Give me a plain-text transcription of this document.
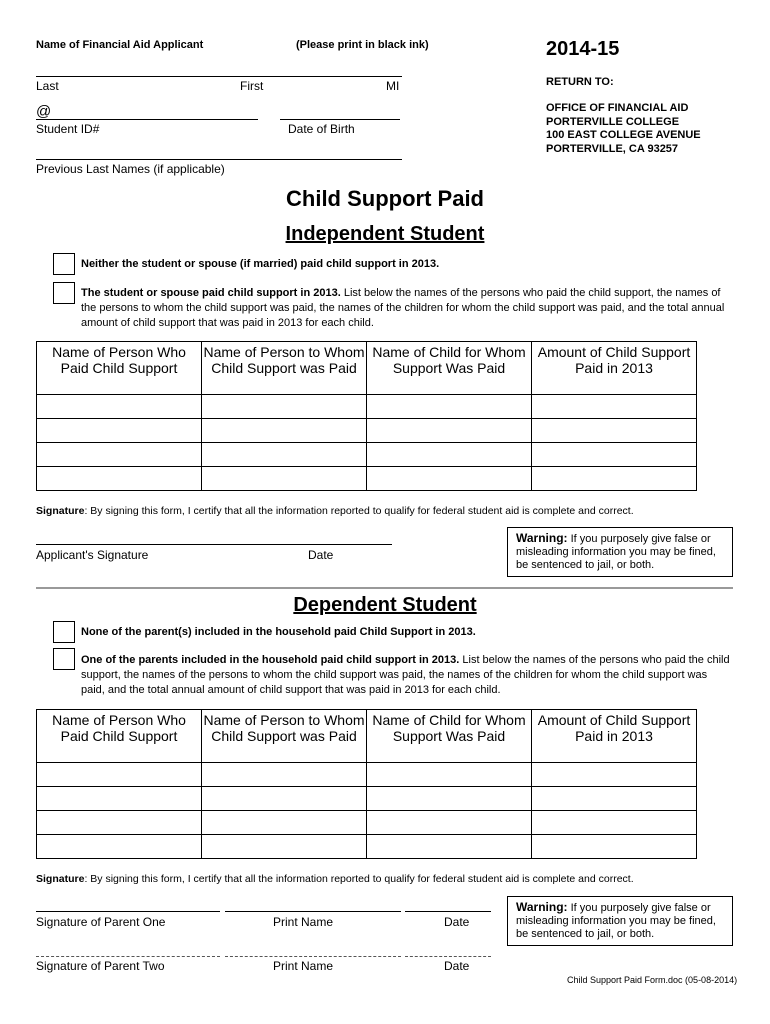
Name of Financial Aid Applicant	(Please print in black ink)	2014-15
Last	First	MI	RETURN TO:
OFFICE OF FINANCIAL AID
PORTERVILLE COLLEGE
100 EAST COLLEGE AVENUE
PORTERVILLE, CA 93257
@
Student ID#	Date of Birth
Previous Last Names (if applicable)
Child Support Paid
Independent Student
Neither the student or spouse (if married) paid child support in 2013.
The student or spouse paid child support in 2013. List below the names of the persons who paid the child support, the names of the persons to whom the child support was paid, the names of the children for whom the child support was paid, and the total annual amount of child support that was paid in 2013 for each child.
Name of Person Who Paid Child Support	Name of Person to Whom Child Support was Paid	Name of Child for Whom Support Was Paid	Amount of Child Support Paid in 2013

Signature: By signing this form, I certify that all the information reported to qualify for federal student aid is complete and correct.
Applicant's Signature	Date
Warning: If you purposely give false or misleading information you may be fined, be sentenced to jail, or both.
Dependent Student
None of the parent(s) included in the household paid Child Support in 2013.
One of the parents included in the household paid child support in 2013. List below the names of the persons who paid the child support, the names of the persons to whom the child support was paid, the names of the children for whom the child support was paid, and the total annual amount of child support that was paid in 2013 for each child.
Name of Person Who Paid Child Support	Name of Person to Whom Child Support was Paid	Name of Child for Whom Support Was Paid	Amount of Child Support Paid in 2013

Signature: By signing this form, I certify that all the information reported to qualify for federal student aid is complete and correct.
Signature of Parent One	Print Name	Date
Warning: If you purposely give false or misleading information you may be fined, be sentenced to jail, or both.
Signature of Parent Two	Print Name	Date
Child Support Paid Form.doc (05-08-2014)
